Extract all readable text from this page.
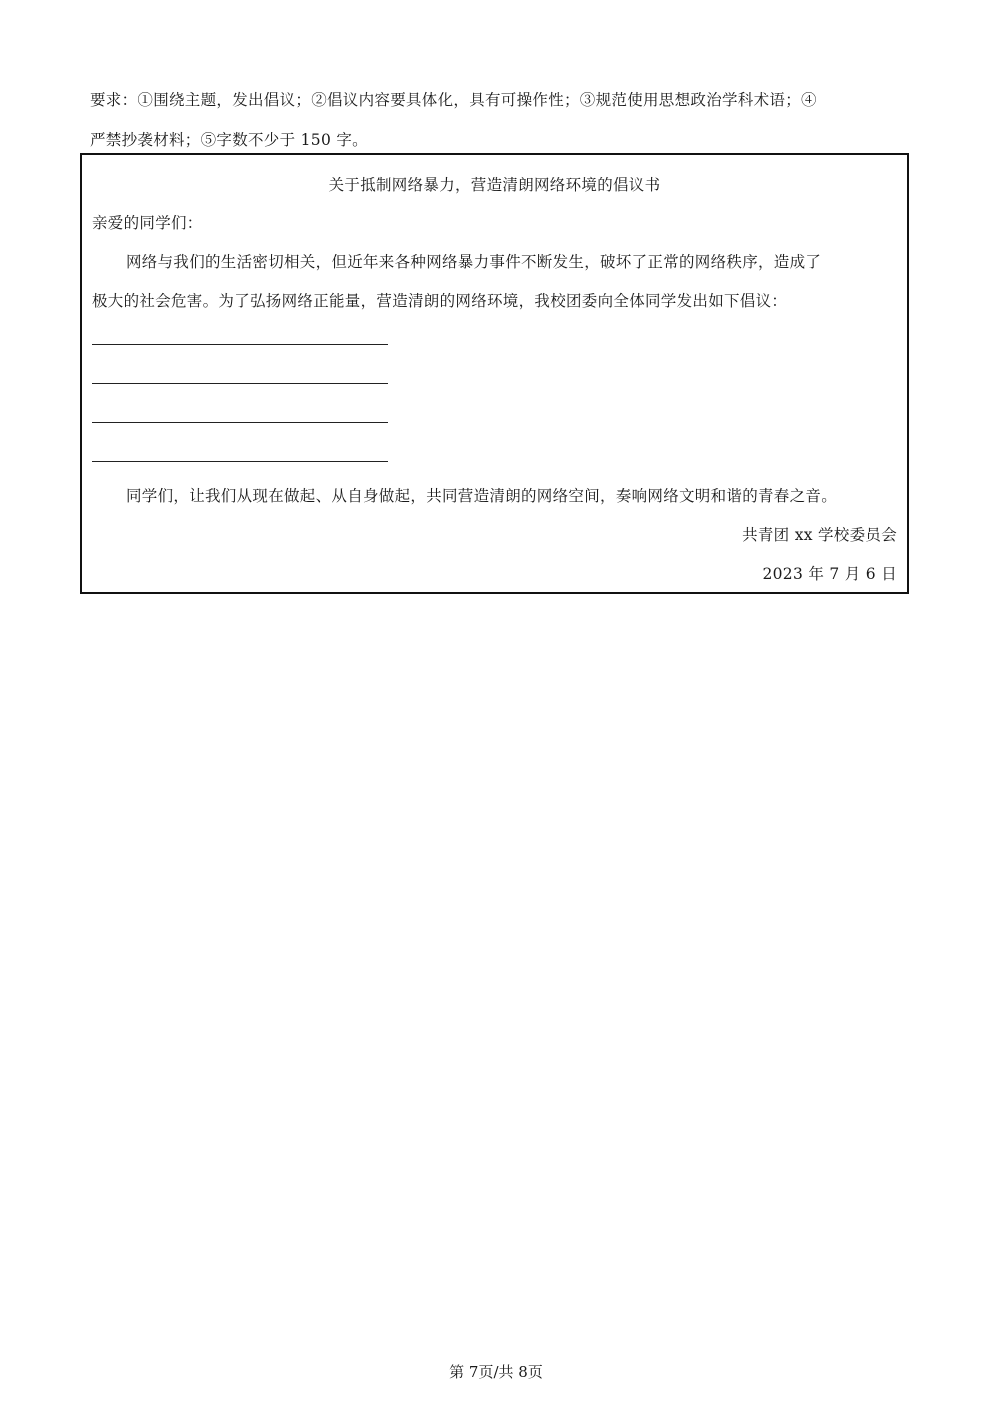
要求：①围绕主题，发出倡议；②倡议内容要具体化，具有可操作性；③规范使用思想政治学科术语；④
严禁抄袭材料；⑤字数不少于 150 字。
关于抵制网络暴力，营造清朗网络环境的倡议书
亲爱的同学们：
网络与我们的生活密切相关，但近年来各种网络暴力事件不断发生，破坏了正常的网络秩序，造成了
极大的社会危害。为了弘扬网络正能量，营造清朗的网络环境，我校团委向全体同学发出如下倡议：
同学们，让我们从现在做起、从自身做起，共同营造清朗的网络空间，奏响网络文明和谐的青春之音。
共青团 xx 学校委员会
2023 年 7 月 6 日
第 7页/共 8页
